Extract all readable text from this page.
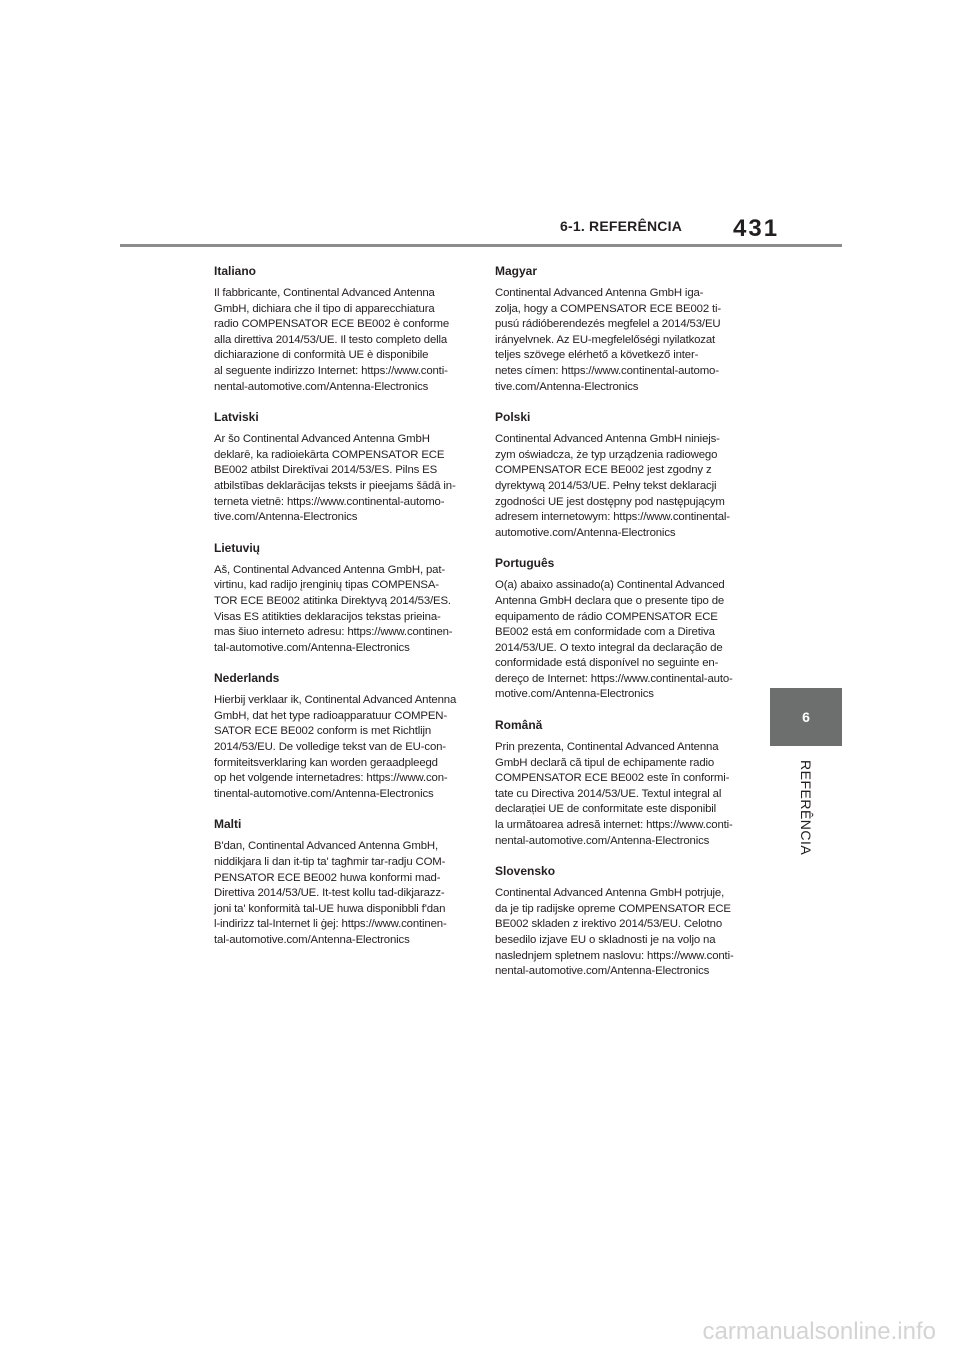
6-1. REFERÊNCIA	431
Italiano

Il fabbricante, Continental Advanced Antenna
GmbH, dichiara che il tipo di apparecchiatura
radio COMPENSATOR ECE BE002 è conforme
alla direttiva 2014/53/UE. Il testo completo della
dichiarazione di conformità UE è disponibile
al seguente indirizzo Internet: https://www.conti-
nental-automotive.com/Antenna-Electronics

Latviski

Ar šo Continental Advanced Antenna GmbH
deklarē, ka radioiekārta COMPENSATOR ECE
BE002 atbilst Direktīvai 2014/53/ES. Pilns ES
atbilstības deklarācijas teksts ir pieejams šādā in-
terneta vietnē: https://www.continental-automo-
tive.com/Antenna-Electronics

Lietuvių

Aš, Continental Advanced Antenna GmbH, pat-
virtinu, kad radijo įrenginių tipas COMPENSA-
TOR ECE BE002 atitinka Direktyvą 2014/53/ES.
Visas ES atitikties deklaracijos tekstas prieina-
mas šiuo interneto adresu: https://www.continen-
tal-automotive.com/Antenna-Electronics

Nederlands

Hierbij verklaar ik, Continental Advanced Antenna
GmbH, dat het type radioapparatuur COMPEN-
SATOR ECE BE002 conform is met Richtlijn
2014/53/EU. De volledige tekst van de EU-con-
formiteitsverklaring kan worden geraadpleegd
op het volgende internetadres: https://www.con-
tinental-automotive.com/Antenna-Electronics

Malti

B'dan, Continental Advanced Antenna GmbH,
niddikjara li dan it-tip ta' tagħmir tar-radju COM-
PENSATOR ECE BE002 huwa konformi mad-
Direttiva 2014/53/UE. It-test kollu tad-dikjarazz-
joni ta' konformità tal-UE huwa disponibbli f'dan
l-indirizz tal-Internet li ġej: https://www.continen-
tal-automotive.com/Antenna-Electronics

Magyar

Continental Advanced Antenna GmbH iga-
zolja, hogy a COMPENSATOR ECE BE002 ti-
pusú rádióberendezés megfelel a 2014/53/EU
irányelvnek. Az EU-megfelelőségi nyilatkozat
teljes szövege elérhető a következő inter-
netes címen: https://www.continental-automo-
tive.com/Antenna-Electronics

Polski

Continental Advanced Antenna GmbH niniejs-
zym oświadcza, że typ urządzenia radiowego
COMPENSATOR ECE BE002 jest zgodny z
dyrektywą 2014/53/UE. Pełny tekst deklaracji
zgodności UE jest dostępny pod następującym
adresem internetowym: https://www.continental-
automotive.com/Antenna-Electronics

Português

O(a) abaixo assinado(a) Continental Advanced
Antenna GmbH declara que o presente tipo de
equipamento de rádio COMPENSATOR ECE
BE002 está em conformidade com a Diretiva
2014/53/UE. O texto integral da declaração de
conformidade está disponível no seguinte en-
dereço de Internet: https://www.continental-auto-
motive.com/Antenna-Electronics

Română

Prin prezenta, Continental Advanced Antenna
GmbH declară că tipul de echipamente radio
COMPENSATOR ECE BE002 este în conformi-
tate cu Directiva 2014/53/UE. Textul integral al
declarației UE de conformitate este disponibil
la următoarea adresă internet: https://www.conti-
nental-automotive.com/Antenna-Electronics

Slovensko

Continental Advanced Antenna GmbH potrjuje,
da je tip radijske opreme COMPENSATOR ECE
BE002 skladen z irektivo 2014/53/EU. Celotno
besedilo izjave EU o skladnosti je na voljo na
naslednjem spletnem naslovu: https://www.conti-
nental-automotive.com/Antenna-Electronics

6
REFERÊNCIA
carmanualsonline.info
